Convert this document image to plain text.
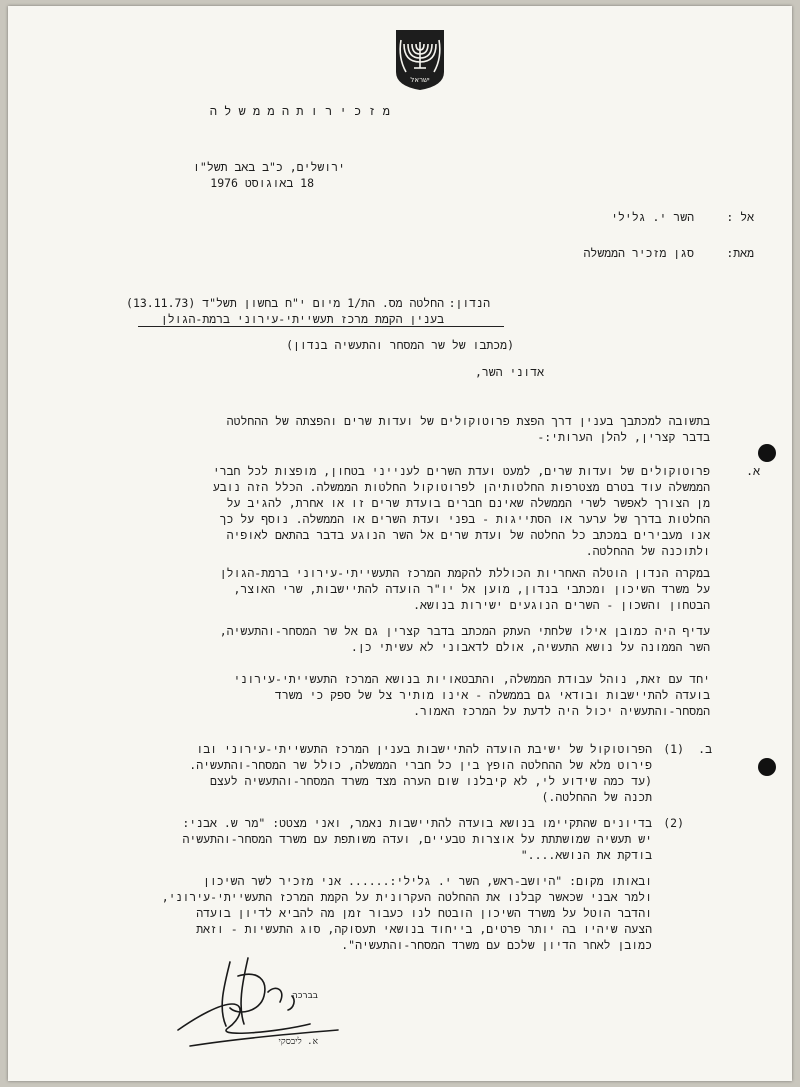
ישראל
מ ז כ י ר ו ת ה מ מ ש ל ה
ירושלים, כ"ב באב תשל"ו
18 באוגוסט 1976
אל :
השר י. גלילי
מאת:
סגן מזכיר הממשלה
הנדון:
החלטה מס. הת/1 מיום י"ח בחשון תשל"ד (13.11.73)
בענין הקמת מרכז תעשייתי-עירוני ברמת-הגולן
(מכתבו של שר המסחר והתעשיה בנדון)
אדוני השר,
בתשובה למכתבך בענין דרך הפצת פרוטוקולים של ועדות שרים והפצתה של ההחלטה
בדבר קצרין, להלן הערותי:-
א.
פרוטוקולים של ועדות שרים, למעט ועדת השרים לענייני בטחון, מופצות לכל חברי
הממשלה עוד בטרם מצטרפות החלטותיהן לפרוטוקול החלטות הממשלה. הכלל הזה נובע
מן הצורך לאפשר לשרי הממשלה שאינם חברים בועדת שרים זו או אחרת, להגיב על
החלטות בדרך של ערער או הסתייגות - בפני ועדת השרים או הממשלה. נוסף על כך
אנו מעבירים במכתב כל החלטה של ועדת שרים אל השר הנוגע בדבר בהתאם לאופיה
ולתוכנה של ההחלטה.
במקרה הנדון הוטלה האחריות הכוללת להקמת המרכז התעשייתי-עירוני ברמת-הגולן
על משרד השיכון ומכתבי בנדון, מוען אל יו"ר הועדה להתיישבות, שרי האוצר,
הבטחון והשכון - השרים הנוגעים ישירות בנושא.
עדיף היה כמובן אילו שלחתי העתק המכתב בדבר קצרין גם אל שר המסחר-והתעשיה,
השר הממונה על נושא התעשיה, אולם לדאבוני לא עשיתי כן.
יחד עם זאת, נוהל עבודת הממשלה, והתבטאויות בנושא המרכז התעשייתי-עירוני
בועדה להתיישבות ובודאי גם בממשלה - אינו מותיר צל של ספק כי משרד
המסחר-והתעשיה יכול היה לדעת על המרכז האמור.
ב.
(1)
הפרוטוקול של ישיבת הועדה להתיישבות בענין המרכז התעשייתי-עירוני ובו
פירוט מלא של ההחלטה הופץ בין כל חברי הממשלה, כולל שר המסחר-והתעשיה.
(עד כמה שידוע לי, לא קיבלנו שום הערה מצד משרד המסחר-והתעשיה לעצם
תכנה של ההחלטה.)
(2)
בדיונים שהתקיימו בנושא בועדה להתיישבות נאמר, ואני מצטט: "מר ש. אבני:
יש תעשיה שמושתתת על אוצרות טבעיים, ועדה משותפת עם משרד המסחר-והתעשיה
בודקת את הנושא...."
ובאותו מקום: "היושב-ראש, השר י. גלילי:...... אני מזכיר לשר השיכון
ולמר אבני שכאשר קבלנו את ההחלטה העקרונית על הקמת המרכז התעשייתי-עירוני,
והדבר הוטל על משרד השיכון הובטח לנו כעבור זמן מה להביא לדיון בועדה
הצעה שיהיו בה יותר פרטים, בייחוד בנושאי תעסוקה, סוג התעשיות - וזאת
כמובן לאחר הדיון שלכם עם משרד המסחר-והתעשיה".
בברכה
א. ליבסקי
